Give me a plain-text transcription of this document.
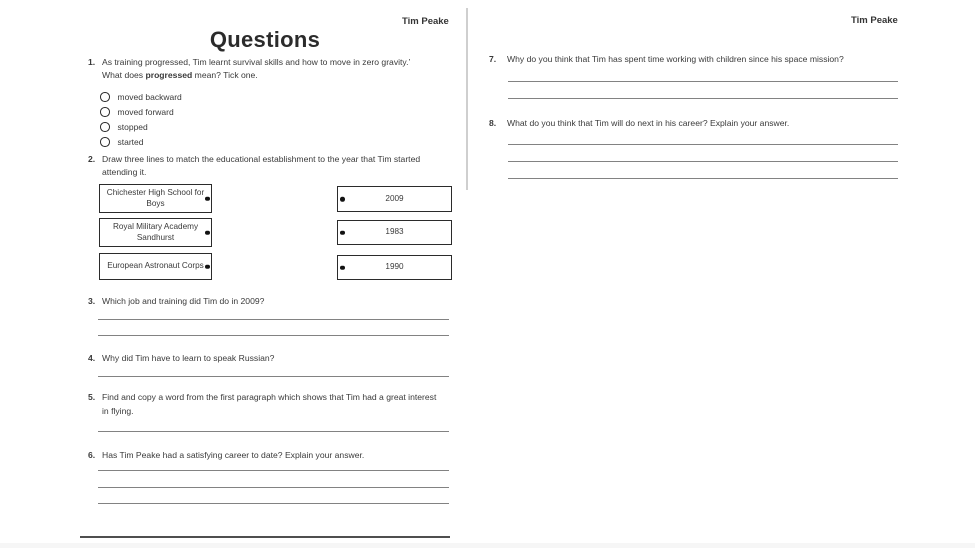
Tim Peake
Questions
1. As training progressed, Tim learnt survival skills and how to move in zero gravity.’
What does progressed mean? Tick one.
moved backward
moved forward
stopped
started
2. Draw three lines to match the educational establishment to the year that Tim started
attending it.
Chichester High School for Boys
Royal Military Academy Sandhurst
European Astronaut Corps
2009
1983
1990
3. Which job and training did Tim do in 2009?
4. Why did Tim have to learn to speak Russian?
5. Find and copy a word from the first paragraph which shows that Tim had a great interest
in flying.
6. Has Tim Peake had a satisfying career to date? Explain your answer.
Tim Peake
7. Why do you think that Tim has spent time working with children since his space mission?
8. What do you think that Tim will do next in his career? Explain your answer.
